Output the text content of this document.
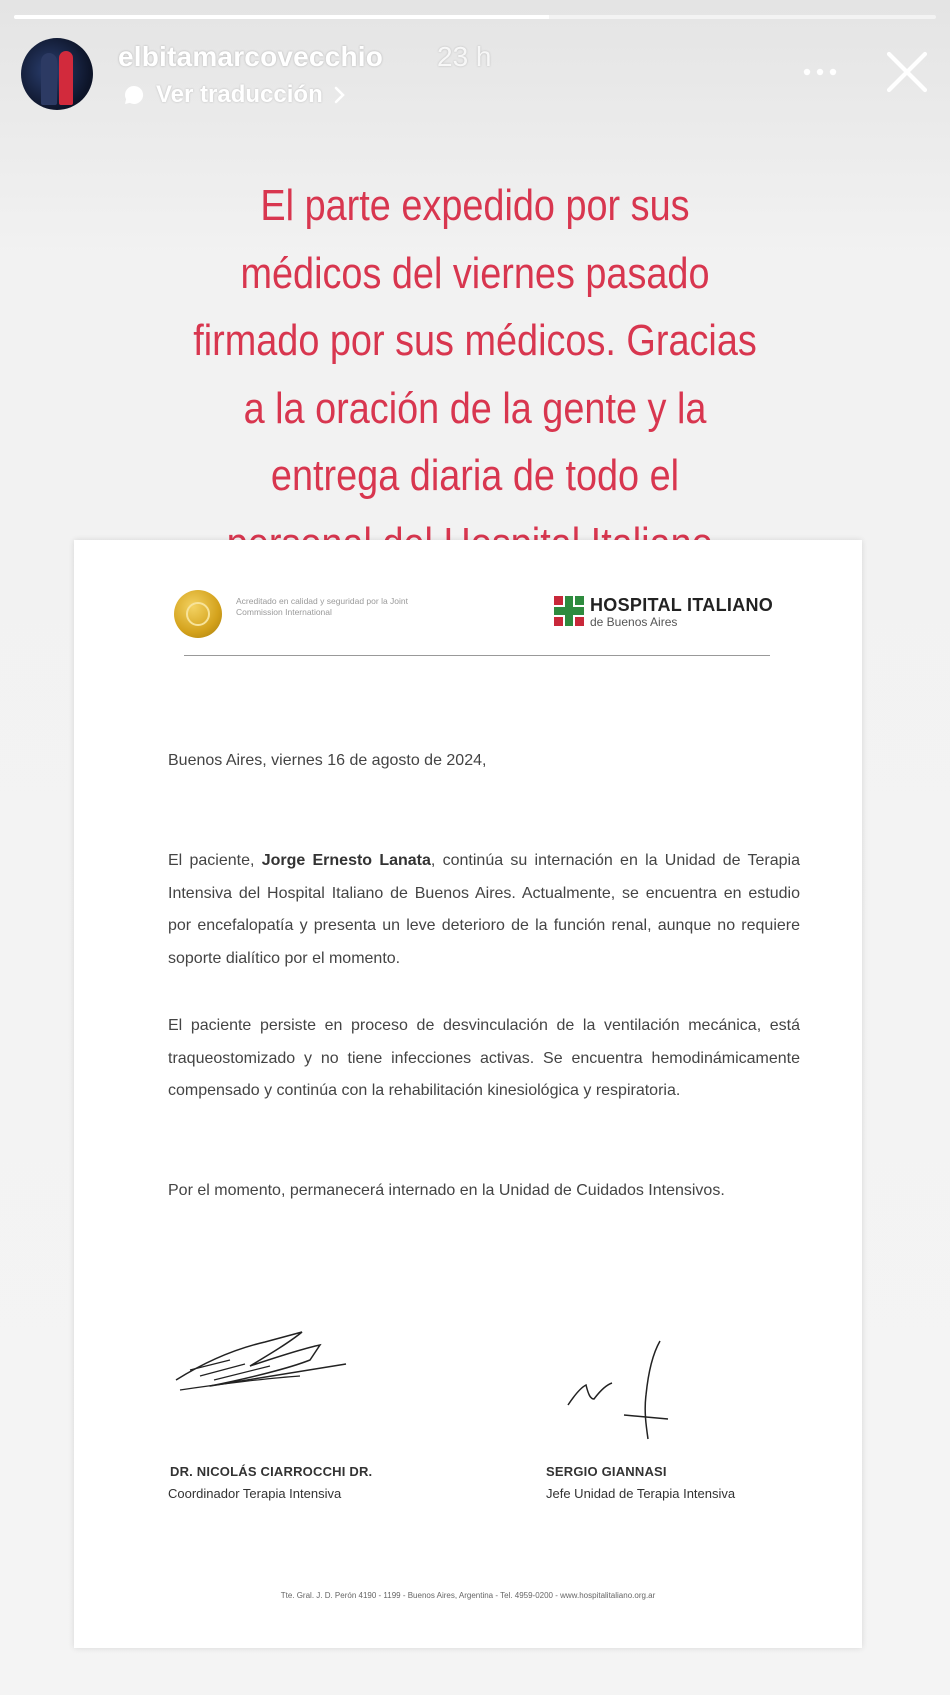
elbitamarcovecchio 23 h
Ver traducción
El parte expedido por sus
médicos del viernes pasado
firmado por sus médicos. Gracias
a la oración de la gente y la
entrega diaria de todo el
Acreditado en calidad y seguridad por la Joint Commission International	HOSPITAL ITALIANO
de Buenos Aires
Buenos Aires, viernes 16 de agosto de 2024,
El paciente, Jorge Ernesto Lanata, continúa su internación en la Unidad de Terapia Intensiva del Hospital Italiano de Buenos Aires. Actualmente, se encuentra en estudio por encefalopatía y presenta un leve deterioro de la función renal, aunque no requiere soporte dialítico por el momento.
El paciente persiste en proceso de desvinculación de la ventilación mecánica, está traqueostomizado y no tiene infecciones activas. Se encuentra hemodinámicamente compensado y continúa con la rehabilitación kinesiológica y respiratoria.
Por el momento, permanecerá internado en la Unidad de Cuidados Intensivos.
DR. NICOLÁS CIARROCCHI DR.
Coordinador Terapia Intensiva
SERGIO GIANNASI
Jefe Unidad de Terapia Intensiva
Tte. Gral. J. D. Perón 4190 - 1199 - Buenos Aires, Argentina - Tel. 4959-0200 - www.hospitalitaliano.org.ar
